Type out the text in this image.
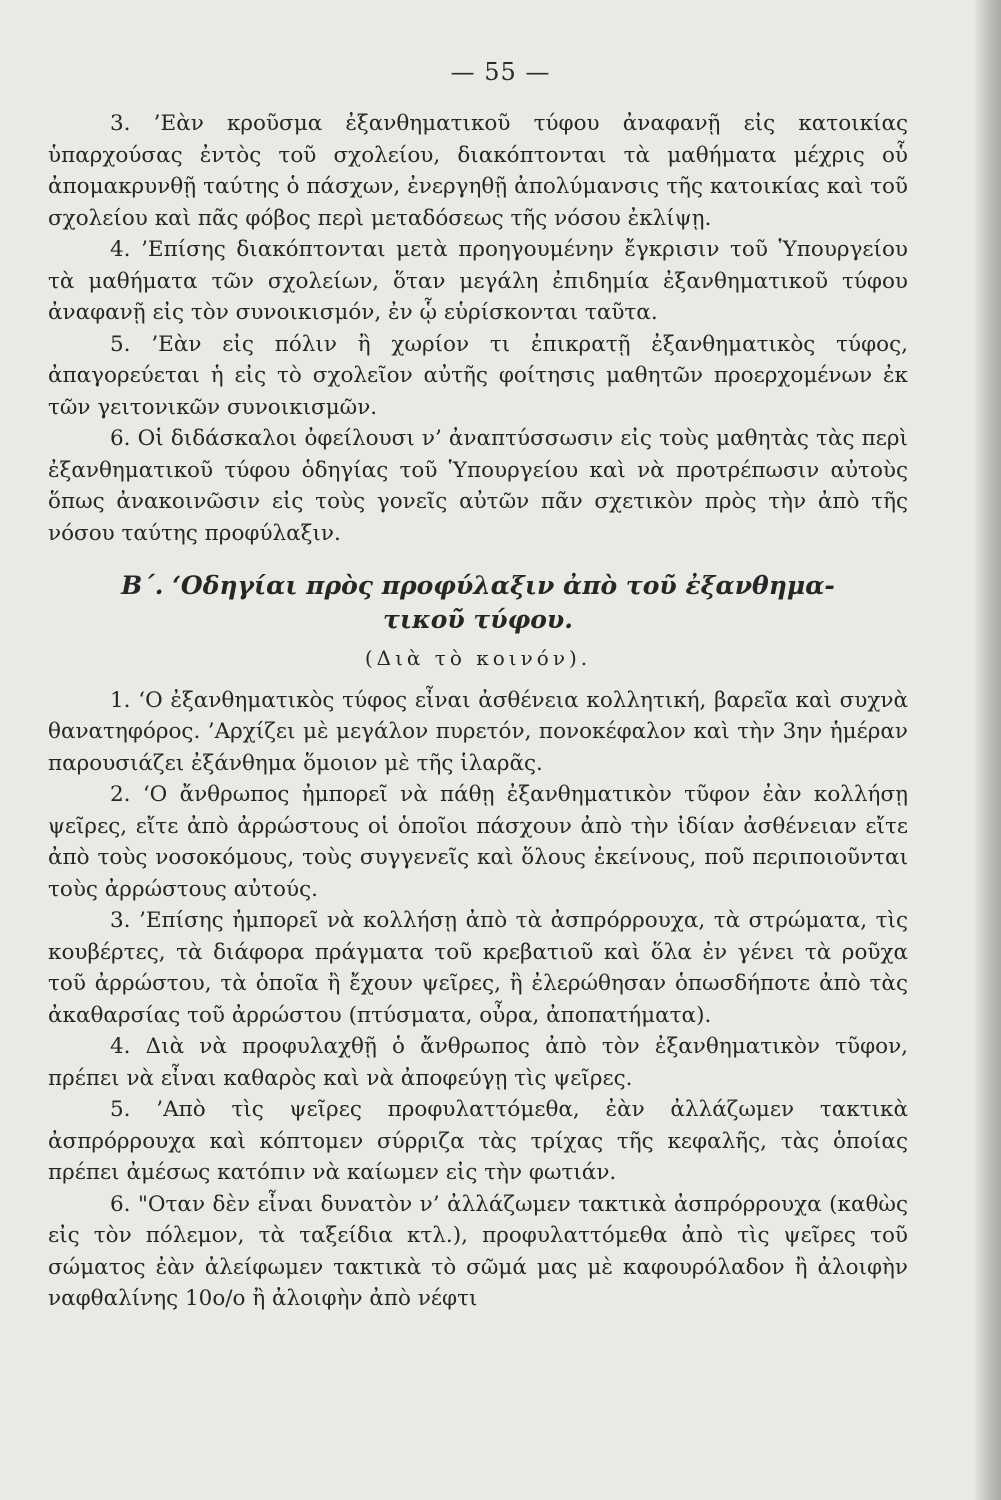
— 55 —

3. ’Εὰν κροῦσμα ἐξανθηματικοῦ τύφου ἀναφανῇ εἰς κατοικίας ὑπαρχούσας ἐντὸς τοῦ σχολείου, διακόπτονται τὰ μαθήματα μέχρις οὗ ἀπομακρυνθῇ ταύτης ὁ πάσχων, ἐνεργηθῇ ἀπολύμανσις τῆς κατοικίας καὶ τοῦ σχολείου καὶ πᾶς φόβος περὶ μεταδόσεως τῆς νόσου ἐκλίψῃ.

4. ’Επίσης διακόπτονται μετὰ προηγουμένην ἔγκρισιν τοῦ Ὑπουργείου τὰ μαθήματα τῶν σχολείων, ὅταν μεγάλη ἐπιδημία ἐξανθηματικοῦ τύφου ἀναφανῇ εἰς τὸν συνοικισμόν, ἐν ᾧ εὑρίσκονται ταῦτα.

5. ’Εὰν εἰς πόλιν ἢ χωρίον τι ἐπικρατῇ ἐξανθηματικὸς τύφος, ἀπαγορεύεται ἡ εἰς τὸ σχολεῖον αὐτῆς φοίτησις μαθητῶν προερχομένων ἐκ τῶν γειτονικῶν συνοικισμῶν.

6. Οἱ διδάσκαλοι ὀφείλουσι ν’ ἀναπτύσσωσιν εἰς τοὺς μαθητὰς τὰς περὶ ἐξανθηματικοῦ τύφου ὁδηγίας τοῦ Ὑπουργείου καὶ νὰ προτρέπωσιν αὐτοὺς ὅπως ἀνακοινῶσιν εἰς τοὺς γονεῖς αὐτῶν πᾶν σχετικὸν πρὸς τὴν ἀπὸ τῆς νόσου ταύτης προφύλαξιν.

Β΄. ‘Οδηγίαι πρὸς προφύλαξιν ἀπὸ τοῦ ἐξανθημα-
τικοῦ τύφου.
(Διὰ τὸ κοινόν).

1. ‘Ο ἐξανθηματικὸς τύφος εἶναι ἀσθένεια κολλητική, βαρεῖα καὶ συχνὰ θανατηφόρος. ’Αρχίζει μὲ μεγάλον πυρετόν, πονοκέφαλον καὶ τὴν 3ην ἡμέραν παρουσιάζει ἐξάνθημα ὅμοιον μὲ τῆς ἱλαρᾶς.

2. ‘Ο ἄνθρωπος ἠμπορεῖ νὰ πάθῃ ἐξανθηματικὸν τῦφον ἐὰν κολλήσῃ ψεῖρες, εἴτε ἀπὸ ἀρρώστους οἱ ὁποῖοι πάσχουν ἀπὸ τὴν ἰδίαν ἀσθένειαν εἴτε ἀπὸ τοὺς νοσοκόμους, τοὺς συγγενεῖς καὶ ὅλους ἐκείνους, ποῦ περιποιοῦνται τοὺς ἀρρώστους αὐτούς.

3. ’Επίσης ἠμπορεῖ νὰ κολλήσῃ ἀπὸ τὰ ἀσπρόρρουχα, τὰ στρώματα, τὶς κουβέρτες, τὰ διάφορα πράγματα τοῦ κρεβατιοῦ καὶ ὅλα ἐν γένει τὰ ροῦχα τοῦ ἀρρώστου, τὰ ὁποῖα ἢ ἔχουν ψεῖρες, ἢ ἐλερώθησαν ὁπωσδήποτε ἀπὸ τὰς ἀκαθαρσίας τοῦ ἀρρώστου (πτύσματα, οὖρα, ἀποπατήματα).

4. Διὰ νὰ προφυλαχθῇ ὁ ἄνθρωπος ἀπὸ τὸν ἐξανθηματικὸν τῦφον, πρέπει νὰ εἶναι καθαρὸς καὶ νὰ ἀποφεύγῃ τὶς ψεῖρες.

5. ’Απὸ τὶς ψεῖρες προφυλαττόμεθα, ἐὰν ἀλλάζωμεν τακτικὰ ἀσπρόρρουχα καὶ κόπτομεν σύρριζα τὰς τρίχας τῆς κεφαλῆς, τὰς ὁποίας πρέπει ἀμέσως κατόπιν νὰ καίωμεν εἰς τὴν φωτιάν.

6. "Οταν δὲν εἶναι δυνατὸν ν’ ἀλλάζωμεν τακτικὰ ἀσπρόρρουχα (καθὼς εἰς τὸν πόλεμον, τὰ ταξείδια κτλ.), προφυλαττόμεθα ἀπὸ τὶς ψεῖρες τοῦ σώματος ἐὰν ἀλείφωμεν τακτικὰ τὸ σῶμά μας μὲ καφουρόλαδον ἢ ἀλοιφὴν ναφθαλίνης 10ο/ο ἢ ἀλοιφὴν ἀπὸ νέφτι
